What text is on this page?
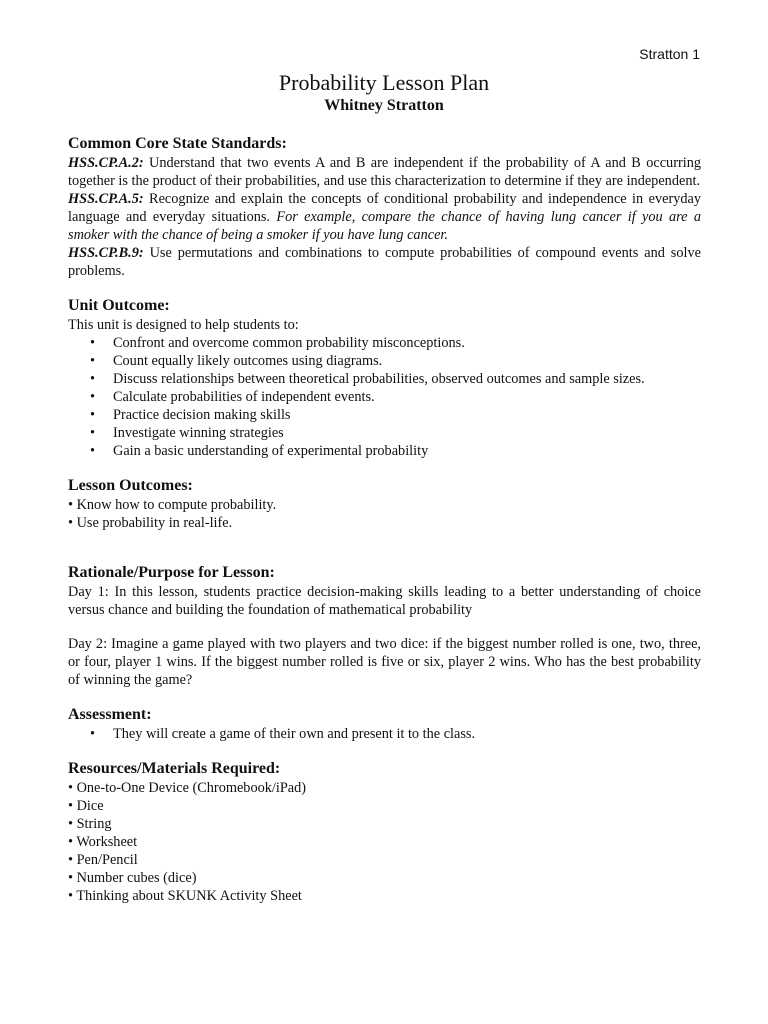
Stratton 1
Probability Lesson Plan
Whitney Stratton

Common Core State Standards:

HSS.CP.A.2: Understand that two events A and B are independent if the probability of A and B occurring together is the product of their probabilities, and use this characterization to determine if they are independent.

HSS.CP.A.5: Recognize and explain the concepts of conditional probability and independence in everyday language and everyday situations. For example, compare the chance of having lung cancer if you are a smoker with the chance of being a smoker if you have lung cancer.

HSS.CP.B.9: Use permutations and combinations to compute probabilities of compound events and solve problems.

Unit Outcome:

This unit is designed to help students to:

• Confront and overcome common probability misconceptions.
• Count equally likely outcomes using diagrams.
• Discuss relationships between theoretical probabilities, observed outcomes and sample sizes.
• Calculate probabilities of independent events.
• Practice decision making skills
• Investigate winning strategies
• Gain a basic understanding of experimental probability

Lesson Outcomes:

• Know how to compute probability.
• Use probability in real-life.

Rationale/Purpose for Lesson:

Day 1: In this lesson, students practice decision-making skills leading to a better understanding of choice versus chance and building the foundation of mathematical probability

Day 2: Imagine a game played with two players and two dice: if the biggest number rolled is one, two, three, or four, player 1 wins. If the biggest number rolled is five or six, player 2 wins. Who has the best probability of winning the game?

Assessment:

• They will create a game of their own and present it to the class.

Resources/Materials Required:

• One-to-One Device (Chromebook/iPad)
• Dice
• String
• Worksheet
• Pen/Pencil
• Number cubes (dice)
• Thinking about SKUNK Activity Sheet
